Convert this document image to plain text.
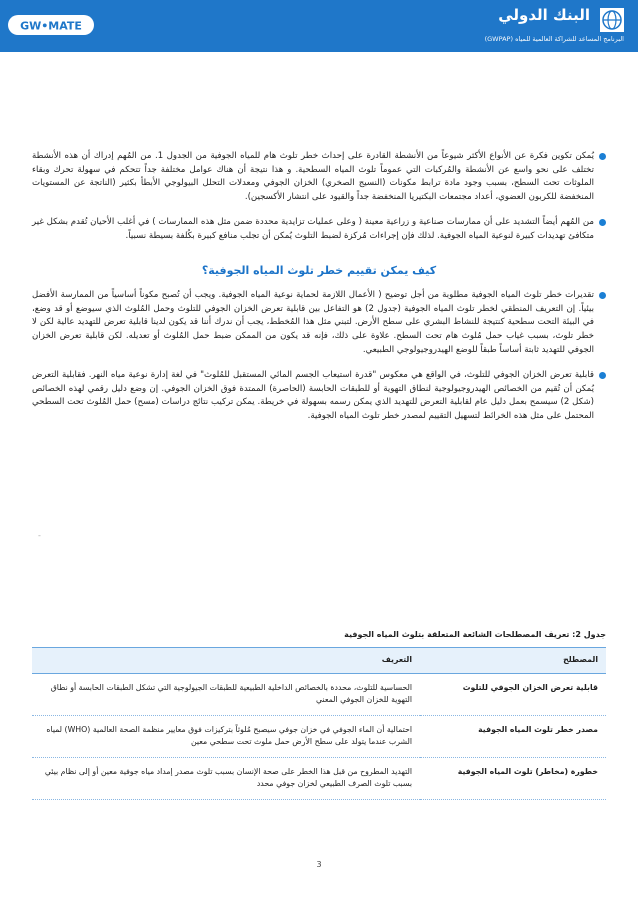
GW•MATE
البنك الدولي
البرنامج المساعد للشراكة العالمية للمياه (GWPAP)

يُمكن تكوين فكرة عن الأنواع الأكثر شيوعاً من الأنشطة القادرة على إحداث خطر تلوث هام للمياه الجوفية من الجدول 1. من المُهم إدراك أن هذه الأنشطة تختلف على نحو واسع عن الأنشطة والمُركبات التي عموماً تلوث المياه السطحية. و هذا نتيجة أن هناك عوامل مختلفة جداً تتحكم في سهولة تحرك وبقاء الملوثات تحت السطح، بسبب وجود مادة ترابط مكونات (النسيج الصخري) الخزان الجوفي ومعدلات التحلل البيولوجي الأبطأ بكثير (الناتجة عن المستويات المنخفضة للكربون العضوي، أعداد مجتمعات البكتيريا المنخفضة جداً والقيود على انتشار الأكسجين).

من المُهم أيضاً التشديد على أن ممارسات صناعية و زراعية معينة ( وعلى عمليات تزايدية محددة ضمن مثل هذه الممارسات ) في أغلب الأحيان تُقدم بشكل غير متكافئ تهديدات كبيرة لنوعية المياه الجوفية. لذلك فإن إجراءات مُركزة لضبط التلوث يُمكن أن تجلب منافع كبيرة بكُلفة بسيطة نسبياً.

كيف يمكن تقييم خطر تلوث المياه الجوفية؟

تقديرات خطر تلوث المياه الجوفية مطلوبة من أجل توضيح ( الأعمال اللازمة لحماية نوعية المياه الجوفية. ويجب أن تُصبح مكوناً أساسياً من الممارسة الأفضل بيئياً. إن التعريف المنطقي لخطر تلوث المياه الجوفية (جدول 2) هو التفاعل بين قابلية تعرض الخزان الجوفي للتلوث وحمل المُلوث الذي سيوضع أو قد وضع، في البيئة التحت سطحية كنتيجة للنشاط البشري على سطح الأرض. لتبني مثل هذا المُخطط، يجب أن ندرك أننا قد يكون لدينا قابلية تعرض للتهديد عالية لكن لا خطر تلوث، بسبب غياب حمل مُلوث هام تحت السطح. علاوة على ذلك، فإنه قد يكون من الممكن ضبط حمل المُلوث أو تعديله. لكن قابلية تعرض الخزان الجوفي للتهديد ثابتة أساساً طبقاً للوضع الهيدروجيولوجي الطبيعي.

قابلية تعرض الخزان الجوفي للتلوث، في الواقع هي معكوس "قدرة استيعاب الجسم المائي المستقبل للمُلوث" في لغة إدارة نوعية مياه النهر. فقابلية التعرض يُمكن أن تُقيم من الخصائص الهيدروجيولوجية لنطاق التهوية أو للطبقات الحابسة (الحاصرة) الممتدة فوق الخزان الجوفي. إن وضع دليل رقمي لهذه الخصائص (شكل 2) سيسمح بعمل دليل عام لقابلية التعرض للتهديد الذي يمكن رسمه بسهولة في خريطة. يمكن تركيب نتائج دراسات (مسح) حمل المُلوث تحت السطحي المحتمل على مثل هذه الخرائط لتسهيل التقييم لمصدر خطر تلوث المياه الجوفية.

-
جدول 2: تعريف المصطلحات الشائعة المتعلقة بتلوث المياه الجوفية
المصطلح	التعريف
قابلية تعرض الخزان الجوفي للتلوث	الحساسية للتلوث، محددة بالخصائص الداخلية الطبيعية للطبقات الجيولوجية التي تشكل الطبقات الحابسة أو نطاق التهوية للخزان الجوفي المعني
مصدر خطر تلوث المياه الجوفية	احتمالية أن الماء الجوفي في خزان جوفي سيصبح مُلوثاً بتركيزات فوق معايير منظمة الصحة العالمية (WHO) لمياه الشرب عندما يتولد على سطح الأرض حمل ملوث تحت سطحي معين
خطورة (مخاطر) تلوث المياه الجوفية	التهديد المطروح من قبل هذا الخطر على صحة الإنسان بسبب تلوث مصدر إمداد مياه جوفية معين أو إلى نظام بيئي بسبب تلوث الصرف الطبيعي لخزان جوفي محدد
3
